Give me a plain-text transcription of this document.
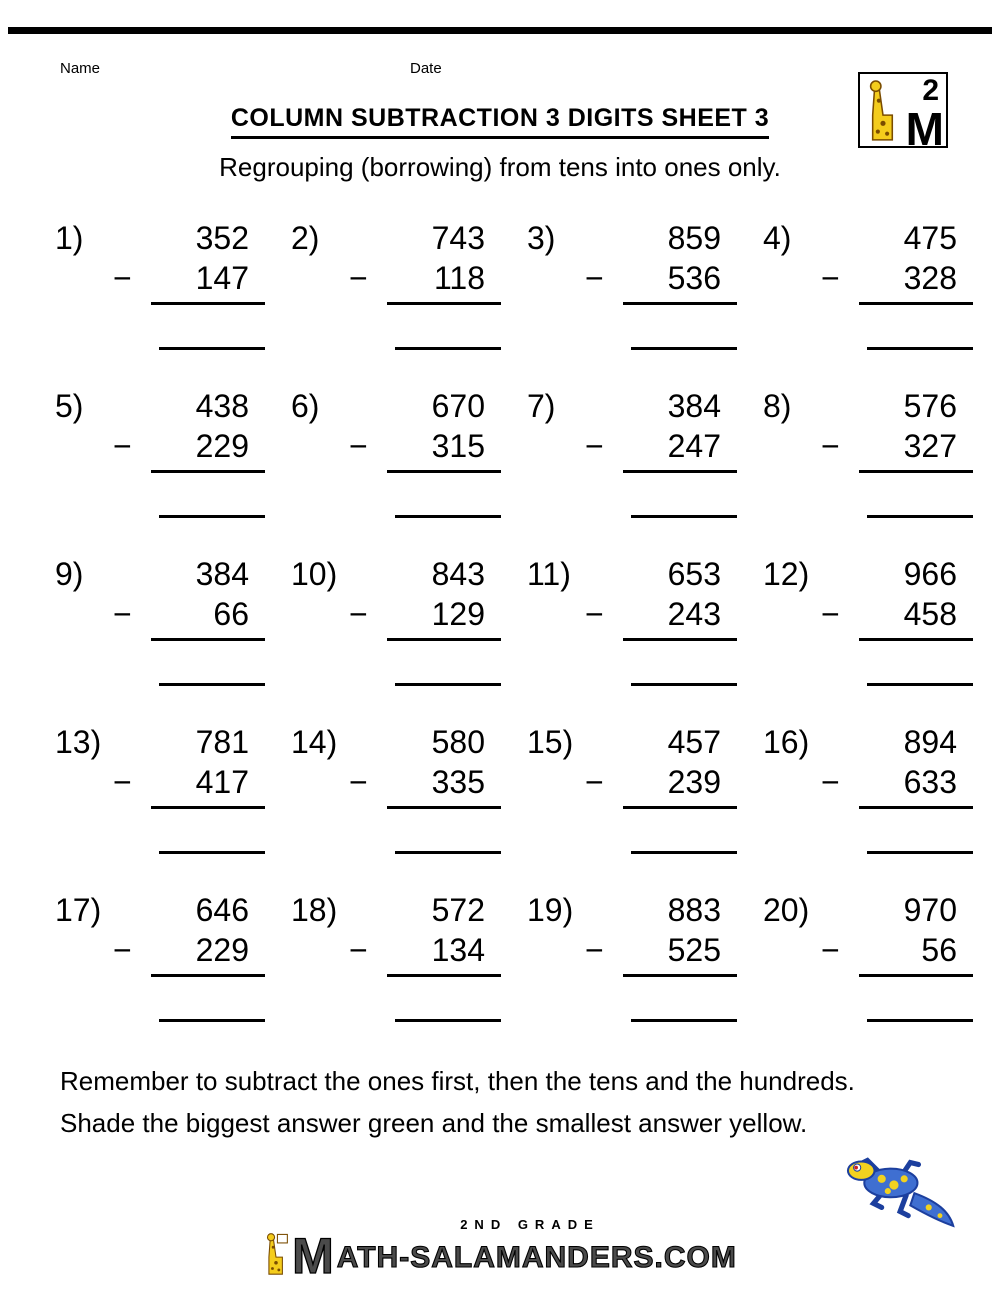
Name	Date
2
M
COLUMN SUBTRACTION 3 DIGITS SHEET 3
Regrouping (borrowing) from tens into ones only.
1)	352
− 147
2)	743
− 118
3)	859
− 536
4)	475
− 328
5)	438
− 229
6)	670
− 315
7)	384
− 247
8)	576
− 327
9)	384
−	66
10)	843
− 129
11)	653
− 243
12)	966
− 458
13)	781
− 417
14)	580
− 335
15)	457
− 239
16)	894
− 633
17)	646
− 229
18)	572
− 134
19)	883
− 525
20)	970
−	56
Remember to subtract the ones first, then the tens and the hundreds.
Shade the biggest answer green and the smallest answer yellow.
2ND GRADE
M ATH-SALAMANDERS.COM
